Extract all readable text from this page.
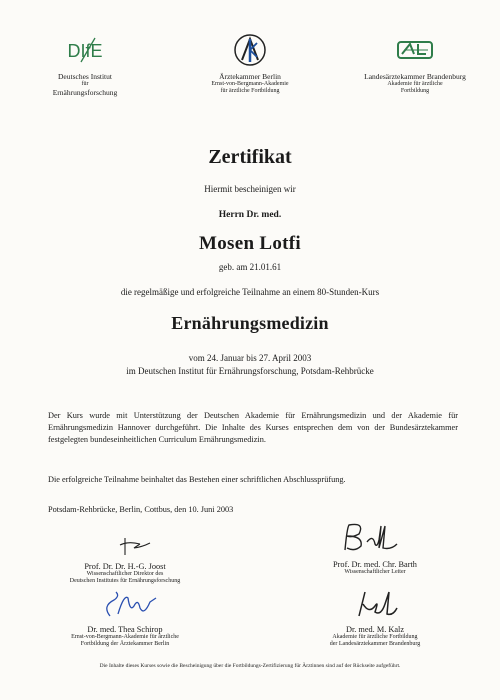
DIfE
Deutsches Institut
für
Ernährungsforschung
Ärztekammer Berlin
Ernst-von-Bergmann-Akademie
für ärztliche Fortbildung
Landesärztekammer Brandenburg
Akademie für ärztliche
Fortbildung
Zertifikat
Hiermit bescheinigen wir
Herrn Dr. med.
Mosen Lotfi
geb. am 21.01.61
die regelmäßige und erfolgreiche Teilnahme an einem 80-Stunden-Kurs
Ernährungsmedizin
vom 24. Januar bis 27. April 2003
im Deutschen Institut für Ernährungsforschung, Potsdam-Rehbrücke
Der Kurs wurde mit Unterstützung der Deutschen Akademie für Ernährungsmedizin und der Akademie für Ernährungsmedizin Hannover durchgeführt. Die Inhalte des Kurses entsprechen dem von der Bundesärztekammer festgelegten bundeseinheitlichen Curriculum Ernährungsmedizin.
Die erfolgreiche Teilnahme beinhaltet das Bestehen einer schriftlichen Abschlussprüfung.
Potsdam-Rehbrücke, Berlin, Cottbus, den 10. Juni 2003
Prof. Dr. Dr. H.-G. Joost
Wissenschaftlicher Direktor des
Deutschen Institutes für Ernährungsforschung
Prof. Dr. med. Chr. Barth
Wissenschaftlicher Leiter
Dr. med. Thea Schirop
Ernst-von-Bergmann-Akademie für ärztliche
Fortbildung der Ärztekammer Berlin
Dr. med. M. Kalz
Akademie für ärztliche Fortbildung
der Landesärztekammer Brandenburg
Die Inhalte dieses Kurses sowie die Bescheinigung über die Fortbildungs-Zertifizierung für Ärztinnen sind auf der Rückseite aufgeführt.
